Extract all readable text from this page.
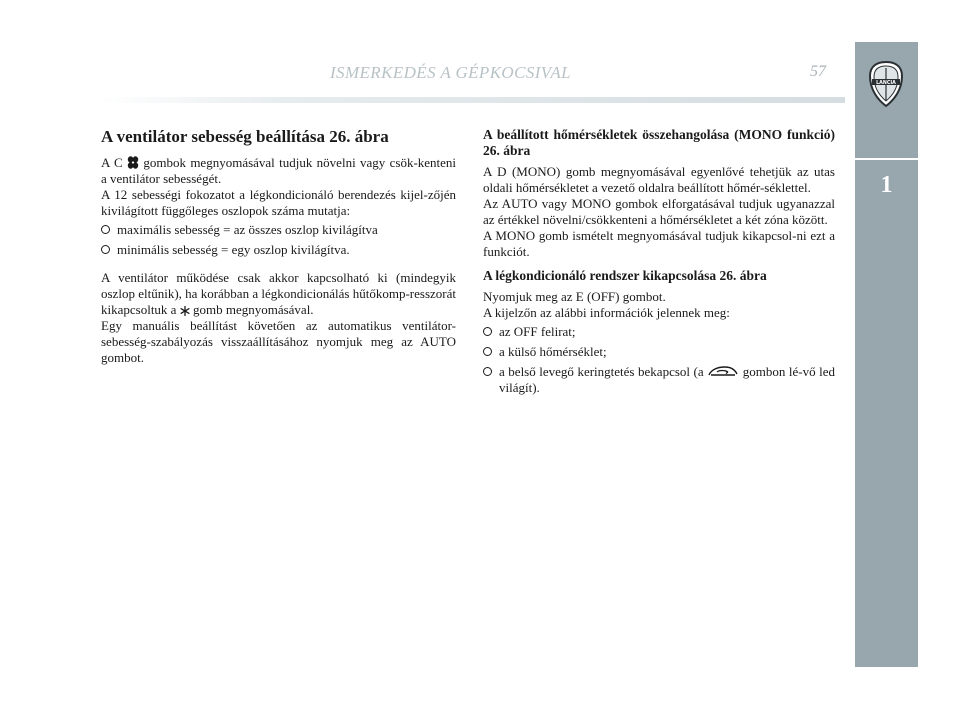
ISMERKEDÉS A GÉPKOCSIVAL	57
LANCIA
1
A ventilátor sebesség beállítása 26. ábra

A C gombok megnyomásával tudjuk növelni vagy csök-kenteni a ventilátor sebességét.

A 12 sebességi fokozatot a légkondicionáló berendezés kijel-zőjén kivilágított függőleges oszlopok száma mutatja:

maximális sebesség = az összes oszlop kivilágítva
minimális sebesség = egy oszlop kivilágítva.

A ventilátor működése csak akkor kapcsolható ki (mindegyik oszlop eltűnik), ha korábban a légkondicionálás hűtőkomp-resszorát kikapcsoltuk a gomb megnyomásával.

Egy manuális beállítást követően az automatikus ventilátor-sebesség-szabályozás visszaállításához nyomjuk meg az AUTO gombot.

A beállított hőmérsékletek összehangolása (MONO funkció) 26. ábra

A D (MONO) gomb megnyomásával egyenlővé tehetjük az utas oldali hőmérsékletet a vezető oldalra beállított hőmér-séklettel.

Az AUTO vagy MONO gombok elforgatásával tudjuk ugyanazzal az értékkel növelni/csökkenteni a hőmérsékletet a két zóna között.

A MONO gomb ismételt megnyomásával tudjuk kikapcsol-ni ezt a funkciót.

A légkondicionáló rendszer kikapcsolása 26. ábra

Nyomjuk meg az E (OFF) gombot.

A kijelzőn az alábbi információk jelennek meg:

az OFF felirat;
a külső hőmérséklet;
a belső levegő keringtetés bekapcsol (a	gombon lé-vő led világít).
